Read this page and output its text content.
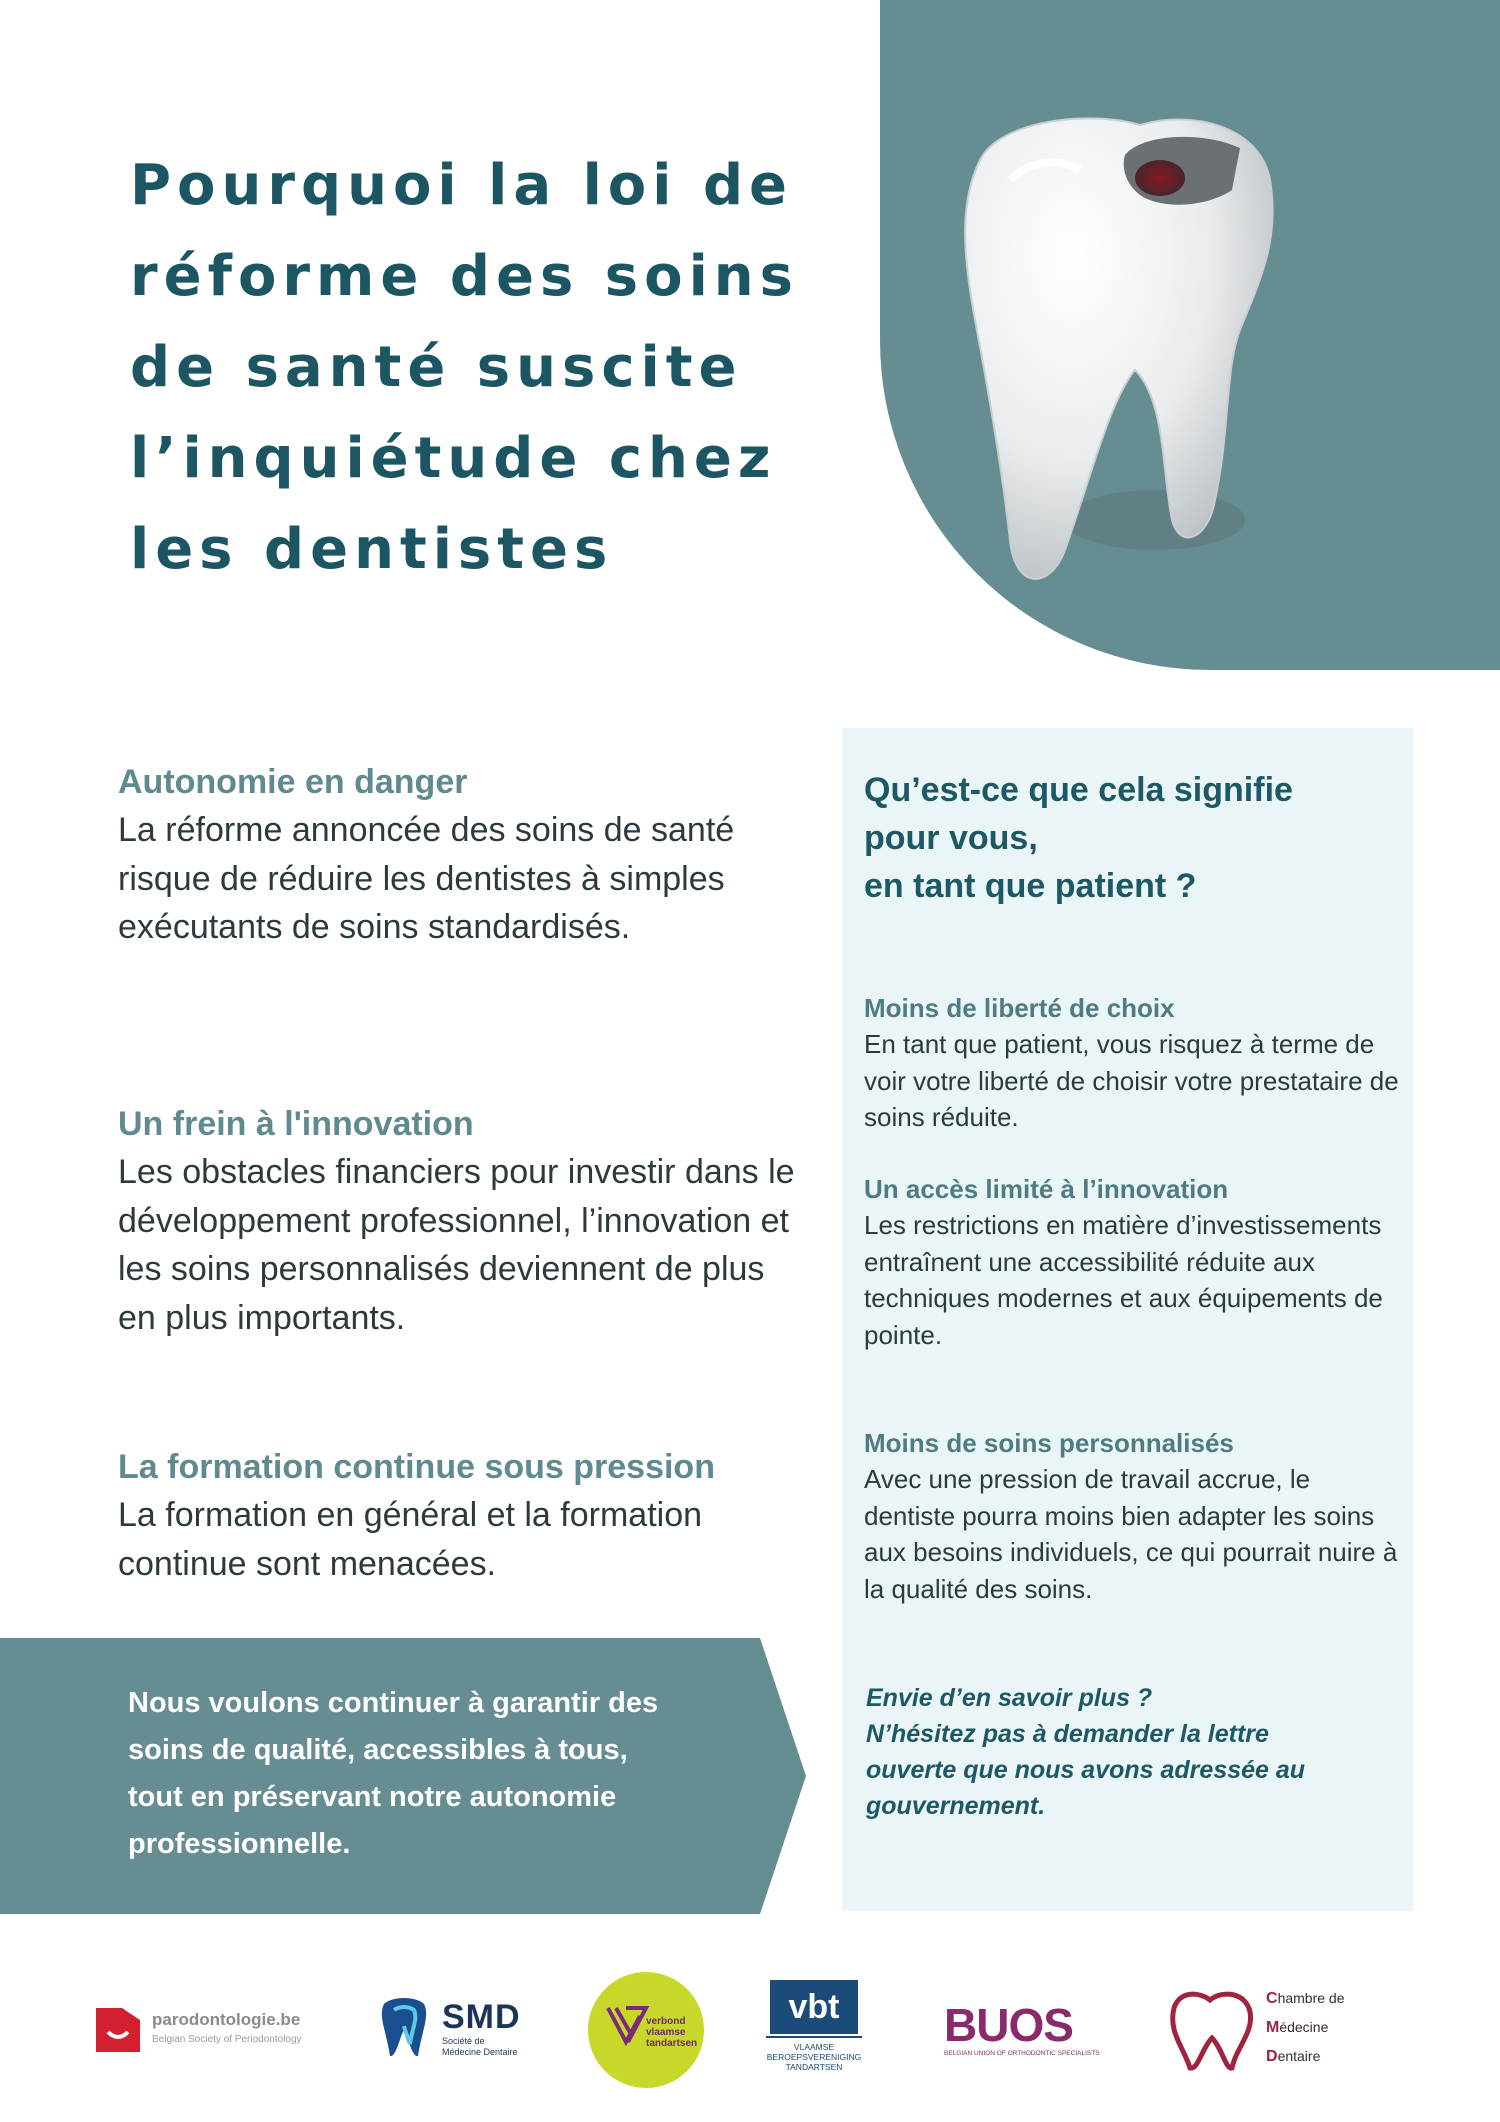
Pourquoi la loi de réforme des soins de santé suscite l’inquiétude chez les dentistes
Autonomie en danger

La réforme annoncée des soins de santé risque de réduire les dentistes à simples exécutants de soins standardisés.

Un frein à l'innovation

Les obstacles financiers pour investir dans le développement professionnel, l’innovation et les soins personnalisés deviennent de plus en plus importants.

La formation continue sous pression

La formation en général et la formation continue sont menacées.

Qu’est-ce que cela signifie
pour vous,
en tant que patient ?
Moins de liberté de choix

En tant que patient, vous risquez à terme de voir votre liberté de choisir votre prestataire de soins réduite.

Un accès limité à l’innovation

Les restrictions en matière d’investissements entraînent une accessibilité réduite aux techniques modernes et aux équipements de pointe.

Moins de soins personnalisés

Avec une pression de travail accrue, le dentiste pourra moins bien adapter les soins aux besoins individuels, ce qui pourrait nuire à la qualité des soins.

Envie d’en savoir plus ?
N’hésitez pas à demander la lettre
ouverte que nous avons adressée au
gouvernement.

Nous voulons continuer à garantir des soins de qualité, accessibles à tous, tout en préservant notre autonomie professionnelle.

parodontologie.be
Belgian Society of Periodontology
SMD
Société de
Médecine Dentaire
verbond
vlaamse
tandartsen
vbt
VLAAMSE
BEROEPSVERENIGING
TANDARTSEN
BUOS
BELGIAN UNION OF ORTHODONTIC SPECIALISTS
Chambre de
Médecine
Dentaire
